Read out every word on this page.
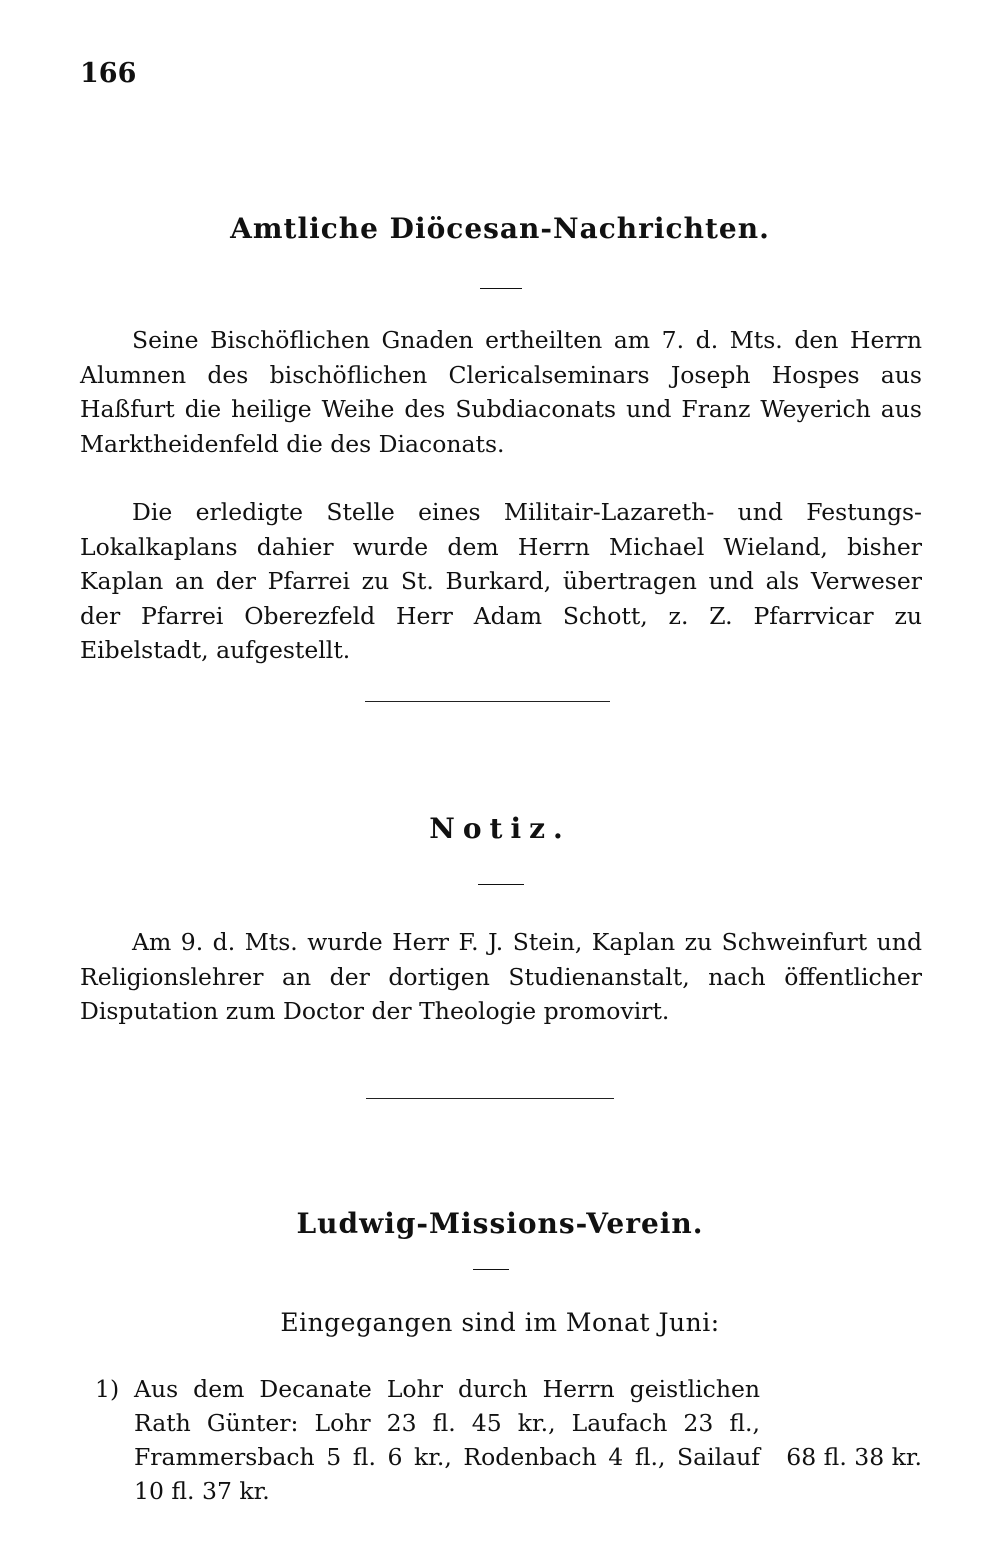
166
Amtliche Diöcesan-Nachrichten.
Seine Bischöflichen Gnaden ertheilten am 7. d. Mts. den Herrn Alumnen des bischöflichen Clericalseminars Joseph Hospes aus Haßfurt die heilige Weihe des Subdiaconats und Franz Weyerich aus Marktheidenfeld die des Diaconats.
Die erledigte Stelle eines Militair-Lazareth- und Festungs-Lokalkaplans dahier wurde dem Herrn Michael Wieland, bisher Kaplan an der Pfarrei zu St. Burkard, übertragen und als Verweser der Pfarrei Oberezfeld Herr Adam Schott, z. Z. Pfarrvicar zu Eibelstadt, aufgestellt.
Notiz.
Am 9. d. Mts. wurde Herr F. J. Stein, Kaplan zu Schweinfurt und Religionslehrer an der dortigen Studienanstalt, nach öffentlicher Disputation zum Doctor der Theologie promovirt.
Ludwig-Missions-Verein.
Eingegangen sind im Monat Juni:
1) Aus dem Decanate Lohr durch Herrn geistlichen Rath Günter: Lohr 23 fl. 45 kr., Laufach 23 fl., Frammersbach 5 fl. 6 kr., Rodenbach 4 fl., Sailauf 10 fl. 37 kr.
68 fl. 38 kr.
